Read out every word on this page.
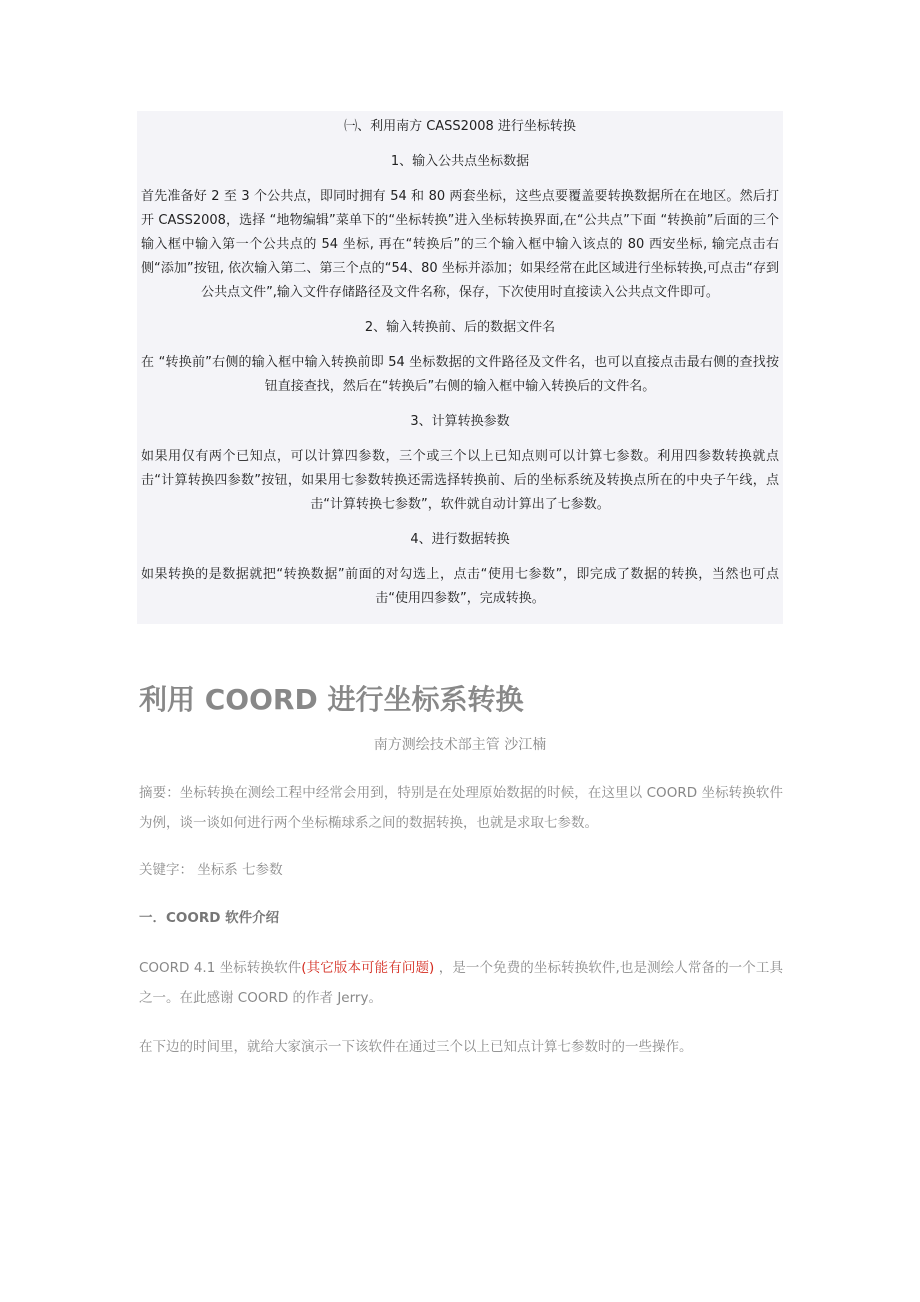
㈠、利用南方 CASS2008 进行坐标转换

1、输入公共点坐标数据

首先准备好 2 至 3 个公共点，即同时拥有 54 和 80 两套坐标，这些点要覆盖要转换数据所在在地区。然后打开 CASS2008，选择 “地物编辑”菜单下的“坐标转换”进入坐标转换界面,在“公共点”下面 “转换前”后面的三个输入框中输入第一个公共点的 54 坐标, 再在“转换后”的三个输入框中输入该点的 80 西安坐标, 输完点击右侧“添加”按钮, 依次输入第二、第三个点的“54、80 坐标并添加；如果经常在此区域进行坐标转换,可点击“存到公共点文件”,输入文件存储路径及文件名称，保存，下次使用时直接读入公共点文件即可。

2、输入转换前、后的数据文件名

在 “转换前”右侧的输入框中输入转换前即 54 坐标数据的文件路径及文件名，也可以直接点击最右侧的查找按钮直接查找，然后在“转换后”右侧的输入框中输入转换后的文件名。

3、计算转换参数

如果用仅有两个已知点，可以计算四参数，三个或三个以上已知点则可以计算七参数。利用四参数转换就点击“计算转换四参数”按钮，如果用七参数转换还需选择转换前、后的坐标系统及转换点所在的中央子午线，点击“计算转换七参数”，软件就自动计算出了七参数。

4、进行数据转换

如果转换的是数据就把“转换数据”前面的对勾选上，点击“使用七参数”，即完成了数据的转换，当然也可点击“使用四参数”，完成转换。

利用 COORD 进行坐标系转换
南方测绘技术部主管 沙江楠
摘要：坐标转换在测绘工程中经常会用到，特别是在处理原始数据的时候，在这里以 COORD 坐标转换软件为例，谈一谈如何进行两个坐标椭球系之间的数据转换，也就是求取七参数。
关键字： 坐标系 七参数
一．COORD 软件介绍
COORD 4.1 坐标转换软件(其它版本可能有问题) ，是一个免费的坐标转换软件,也是测绘人常备的一个工具之一。在此感谢 COORD 的作者 Jerry。
在下边的时间里，就给大家演示一下该软件在通过三个以上已知点计算七参数时的一些操作。
